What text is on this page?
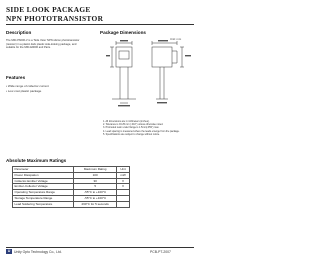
SIDE LOOK PACKAGE
NPN PHOTOTRANSISTOR
Description
The MID-P6006-V is a 'Side View' NPN silicon phototransistor (resistor) in a plastic dark plastic side-looking package, and suitable for the MID-E9006 and Pairs.
Features
• Wide range of collector current
• Low cost plastic package
Package Dimensions
Unit: mm
1. All dimensions are in millimeters (inches).
2. Tolerance is ±0.25 mm (.010") unless otherwise noted.
3. Protruded resin under flange is 1.5mm(.059") max.
4. Lead spacing is measured where the leads emerge from the package.
5. Specifications are subject to change without notice.
Absolute Maximum Ratings
Parameter	Maximum Rating	Unit
Power Dissipation	100	mW
Collector-Emitter Voltage	30	V
Emitter-Collector Voltage	5	V
Operating Temperature Range	-55°C to +100°C	
Storage Temperature Range	-55°C to +100°C	
Lead Soldering Temperature	260°C for 5 seconds	
U	Unity Opto Technology Co., Ltd.	PCB-PT-2007
